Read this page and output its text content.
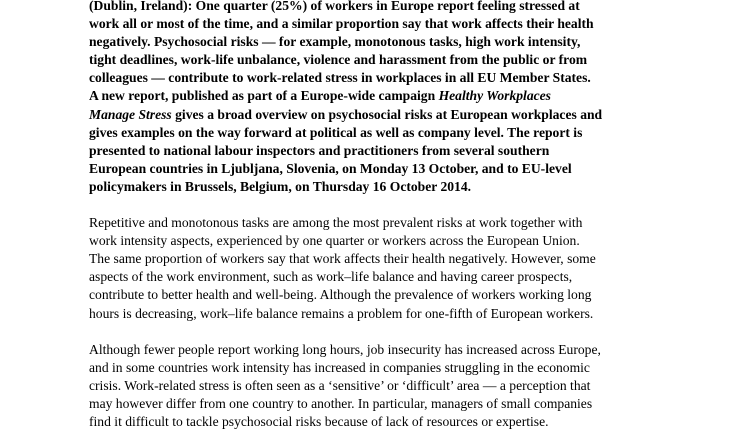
(Dublin, Ireland): One quarter (25%) of workers in Europe report feeling stressed at
work all or most of the time, and a similar proportion say that work affects their health
negatively. Psychosocial risks — for example, monotonous tasks, high work intensity,
tight deadlines, work-life unbalance, violence and harassment from the public or from
colleagues — contribute to work-related stress in workplaces in all EU Member States.
A new report, published as part of a Europe-wide campaign Healthy Workplaces
Manage Stress gives a broad overview on psychosocial risks at European workplaces and
gives examples on the way forward at political as well as company level. The report is
presented to national labour inspectors and practitioners from several southern
European countries in Ljubljana, Slovenia, on Monday 13 October, and to EU-level
policymakers in Brussels, Belgium, on Thursday 16 October 2014.

Repetitive and monotonous tasks are among the most prevalent risks at work together with
work intensity aspects, experienced by one quarter or workers across the European Union.
The same proportion of workers say that work affects their health negatively. However, some
aspects of the work environment, such as work–life balance and having career prospects,
contribute to better health and well-being. Although the prevalence of workers working long
hours is decreasing, work–life balance remains a problem for one-fifth of European workers.

Although fewer people report working long hours, job insecurity has increased across Europe,
and in some countries work intensity has increased in companies struggling in the economic
crisis. Work-related stress is often seen as a ‘sensitive’ or ‘difficult’ area — a perception that
may however differ from one country to another. In particular, managers of small companies
find it difficult to tackle psychosocial risks because of lack of resources or expertise.
